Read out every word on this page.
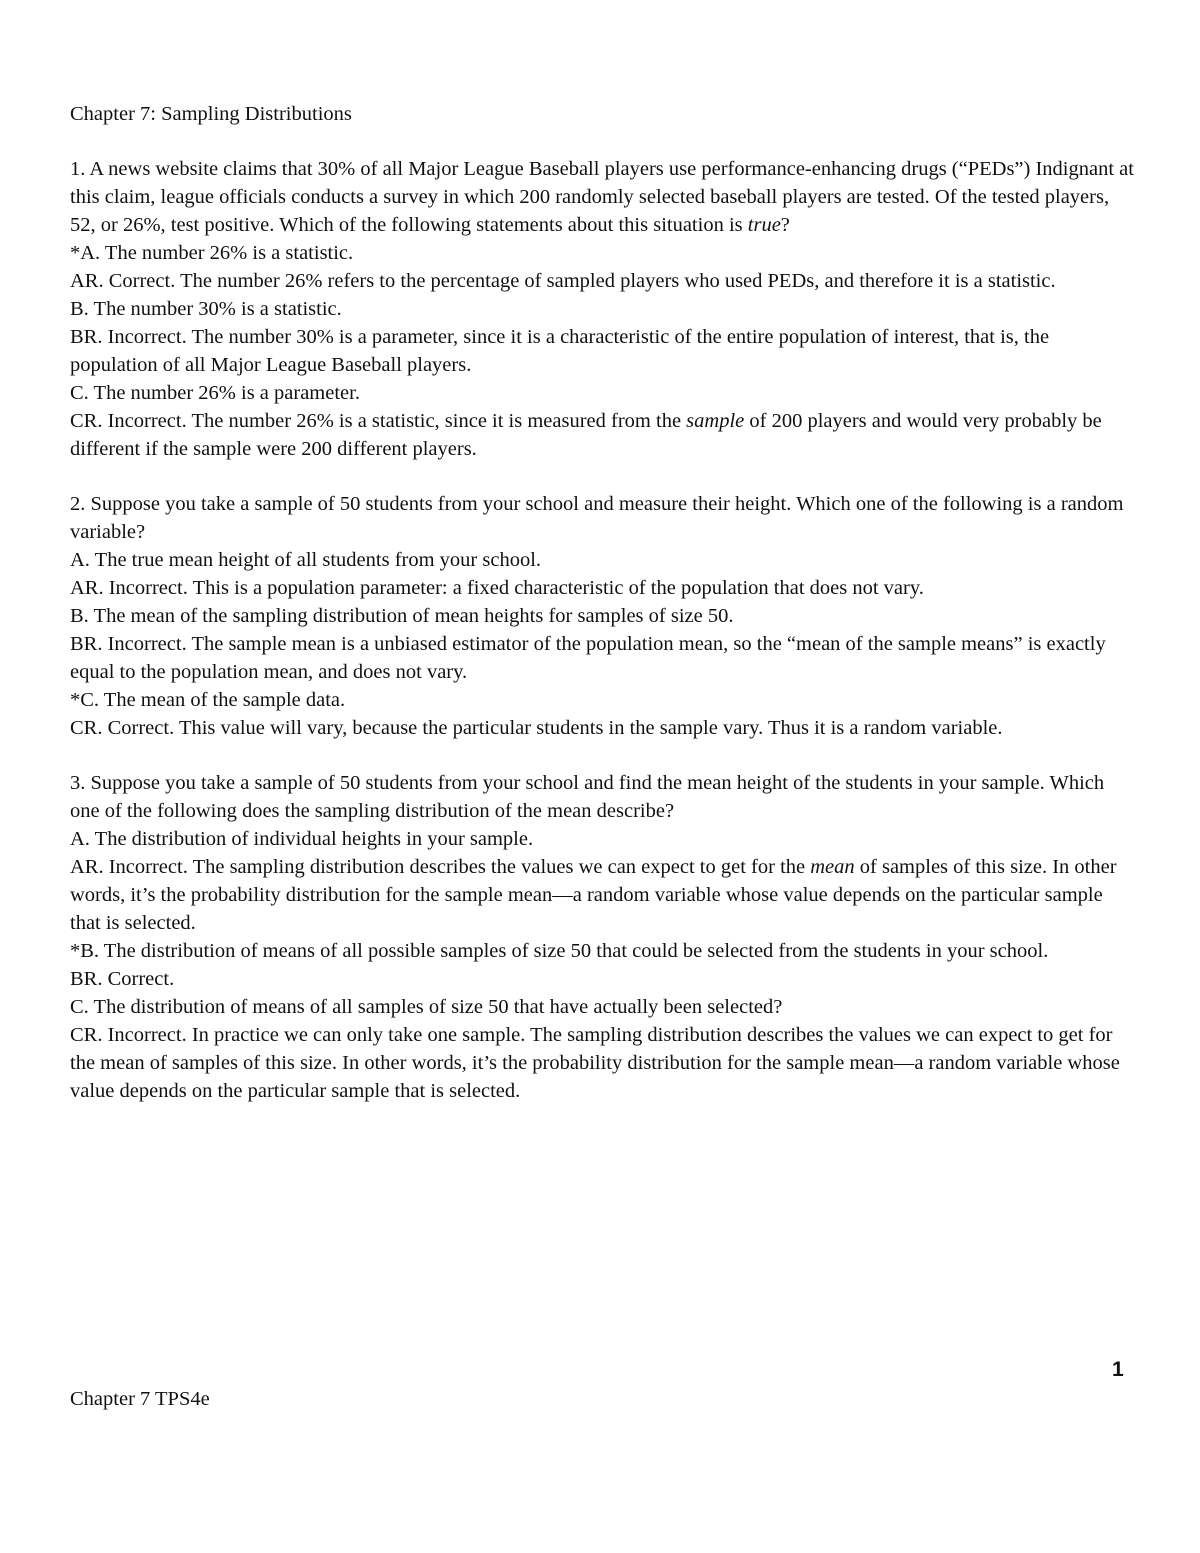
Chapter 7: Sampling Distributions

1. A news website claims that 30% of all Major League Baseball players use performance-enhancing drugs (“PEDs”) Indignant at this claim, league officials conducts a survey in which 200 randomly selected baseball players are tested. Of the tested players, 52, or 26%, test positive. Which of the following statements about this situation is true?

*A. The number 26% is a statistic.

AR. Correct. The number 26% refers to the percentage of sampled players who used PEDs, and therefore it is a statistic.

B. The number 30% is a statistic.

BR. Incorrect. The number 30% is a parameter, since it is a characteristic of the entire population of interest, that is, the population of all Major League Baseball players.

C. The number 26% is a parameter.

CR. Incorrect. The number 26% is a statistic, since it is measured from the sample of 200 players and would very probably be different if the sample were 200 different players.

2. Suppose you take a sample of 50 students from your school and measure their height. Which one of the following is a random variable?

A. The true mean height of all students from your school.

AR. Incorrect. This is a population parameter: a fixed characteristic of the population that does not vary.

B. The mean of the sampling distribution of mean heights for samples of size 50.

BR. Incorrect. The sample mean is a unbiased estimator of the population mean, so the “mean of the sample means” is exactly equal to the population mean, and does not vary.

*C. The mean of the sample data.

CR. Correct. This value will vary, because the particular students in the sample vary. Thus it is a random variable.

3. Suppose you take a sample of 50 students from your school and find the mean height of the students in your sample. Which one of the following does the sampling distribution of the mean describe?

A. The distribution of individual heights in your sample.

AR. Incorrect. The sampling distribution describes the values we can expect to get for the mean of samples of this size. In other words, it’s the probability distribution for the sample mean—a random variable whose value depends on the particular sample that is selected.

*B. The distribution of means of all possible samples of size 50 that could be selected from the students in your school.

BR. Correct.

C. The distribution of means of all samples of size 50 that have actually been selected?

CR. Incorrect. In practice we can only take one sample. The sampling distribution describes the values we can expect to get for the mean of samples of this size. In other words, it’s the probability distribution for the sample mean—a random variable whose value depends on the particular sample that is selected.

1
Chapter 7 TPS4e
